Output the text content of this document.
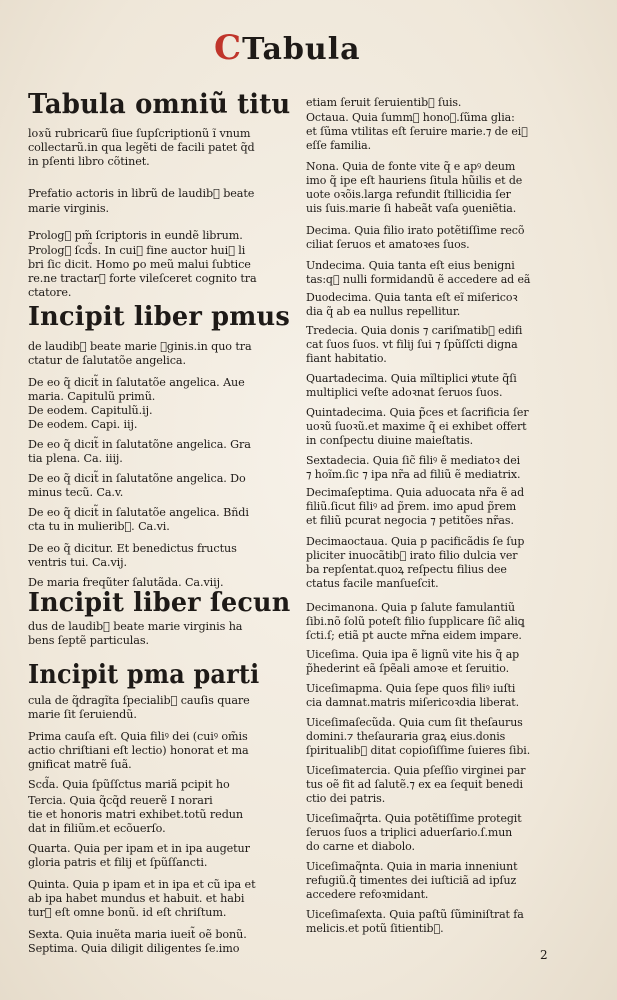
CTabula
Tabula omniũ titu
loɤũ rubricarũ ſiue ſupſcriptionũ ĩ vnum
collectarũ.in qua legẽti de facili patet q̃d
in pſenti libro cõtinet.
Prefatio actoris in librũ de laudib᷒ beate
marie virginis.
Prolog᷒ pm̃ ſcriptoris in eundẽ librum.
Prolog᷒ ſcd̃s. In cui᷒ fine auctor hui᷒ li
bri ſic dicit. Homo ꝑo meũ malui ſubtice
re.ne tractar᷒ forte vileſceret cognito tra
ctatore.
Incipit liber pmus
de laudib᷒ beate marie ꝟginis.in quo tra
ctatur de ſalutatõe angelica.
De eo q̃ dicit̃ in ſalutatõe angelica. Aue
maria. Capitulũ primũ.
De eodem. Capitulũ.ij.
De eodem. Capi. iij.
De eo q̃ dicit̃ in ſalutatõne angelica. Gra
tia plena. Ca. iiij.
De eo q̃ dicit̃ in ſalutatõne angelica. Do
minus tecũ. Ca.v.
De eo q̃ dicit̃ in ſalutatõe angelica. Bñdi
cta tu in mulierib᷒. Ca.vi.
De eo q̃ dicitur. Et benedictus fructus
ventris tui. Ca.vij.
De maria freqũter ſalutãda. Ca.viij.
Incipit liber ſecun
dus de laudib᷒ beate marie virginis ha
bens ſeptẽ particulas.
Incipit pma parti
cula de q̃dragĩta ſpecialib᷒ cauſis quare
marie ſit ſeruiendũ.
Prima cauſa eſt. Quia filiꝰ dei (cuiꝰ om̃is
actio chriſtiani eſt lectio) honorat et ma
gnificat matrẽ ſuã.
Scd̃a. Quia ſpũſſctus mariã pcipit ho
Tercia. Quia q̃cq̃d reuerẽ I norari
tie et honoris matri exhibet.totũ redun
dat in filiũm.et ecõuerſo.
Quarta. Quia per ipam et in ipa augetur
gloria patris et filij et ſpũſſancti.
Quinta. Quia p ipam et in ipa et cũ ipa et
ab ipa habet mundus et habuit. et habi
tur᷒ eſt omne bonũ. id eſt chriſtum.
Sexta. Quia inuẽta maria iueit̃ oẽ bonũ.
Septima. Quia diligit diligentes ſe.imo
etiam ſeruit ſeruientib᷒ ſuis.
Octaua. Quia ſumm᷒ honoꝛ.ſũma glia:
et ſũma vtilitas eſt ſeruire marie.⁊ de ei᷒
eſſe familia.
Nona. Quia de fonte vite q̃ e apꝰ deum
imo q̃ ipe eſt hauriens ſitula hũilis et de
uote oꝛõis.larga refundit ſtillicidia ſer
uis ſuis.marie ſi habeãt vaſa ꝯueniẽtia.
Decima. Quia filio irato potẽtiſſime recõ
ciliat ſeruos et amatoꝛes ſuos.
Undecima. Quia tanta eſt eius benigni
tas:q᷒ nulli formidandũ ẽ accedere ad eã
Duodecima. Quia tanta eſt eĩ miſericoꝛ
dia q̃ ab ea nullus repellitur.
Tredecia. Quia donis ⁊ cariſmatib᷒ edifi
cat ſuos ſuos. vt filij ſui ⁊ ſpũſſcti digna
fiant habitatio.
Quartadecima. Quia mĩltiplici ꝟtute q̃ſi
multiplici veſte adoꝛnat ſeruos ſuos.
Quintadecima. Quia p̃ces et ſacrificia ſer
uoꝛũ ſuoꝛũ.et maxime q̃ ei exhibet offert
in conſpectu diuine maieſtatis.
Sextadecia. Quia ſic̃ filiꝰ ẽ mediatoꝛ dei
⁊ hoĩm.ſic ⁊ ipa nr̃a ad filiũ ẽ mediatrix.
Decimaſeptima. Quia aduocata nr̃a ẽ ad
filiũ.ſicut filiꝰ ad p̃rem. imo apud p̃rem
et filiũ pcurat negocia ⁊ petitões nr̃as.
Decimaoctaua. Quia p pacificãdis ſe ſup
pliciter inuocãtib᷒ irato filio dulcia ver
ba repſentat.quoꝝ reſpectu filius dee
ctatus facile manſueſcit.
Decimanona. Quia p ſalute famulantiũ
ſibi.nõ ſolũ poteſt filio ſupplicare ſic̃ aliꝗ
ſcti.ſ; etiã pt aucte mr̃na eidem impare.
Uiceſima. Quia ipa ẽ lignũ vite his q̃ ap
p̃hederint eã ſpẽali amoꝛe et ſeruitio.
Uiceſimapma. Quia ſepe quos filiꝰ iuſti
cia damnat.matris miſericoꝛdia liberat.
Uiceſimaſecũda. Quia cum ſit theſaurus
domini.⁊ theſauraria graꝝ eius.donis
ſpiritualib᷒ ditat copioſiſſime ſuieres ſibi.
Uiceſimatercia. Quia pſeſſio virginei par
tus oẽ fit ad ſalutẽ.⁊ ex ea ſequit̃ benedi
ctio dei patris.
Uiceſimaq̃rta. Quia potẽtiſſime protegit
ſeruos ſuos a triplici aduerſario.ſ.mun
do carne et diabolo.
Uiceſimaq̃nta. Quia in maria inneniunt
refugiũ.q̃ timentes dei iuſticiã ad ipſuz
accedere refoꝛmidant.
Uiceſimaſexta. Quia paſtũ ſũminiſtrat fa
melicis.et potũ ſitientib᷒.
2
